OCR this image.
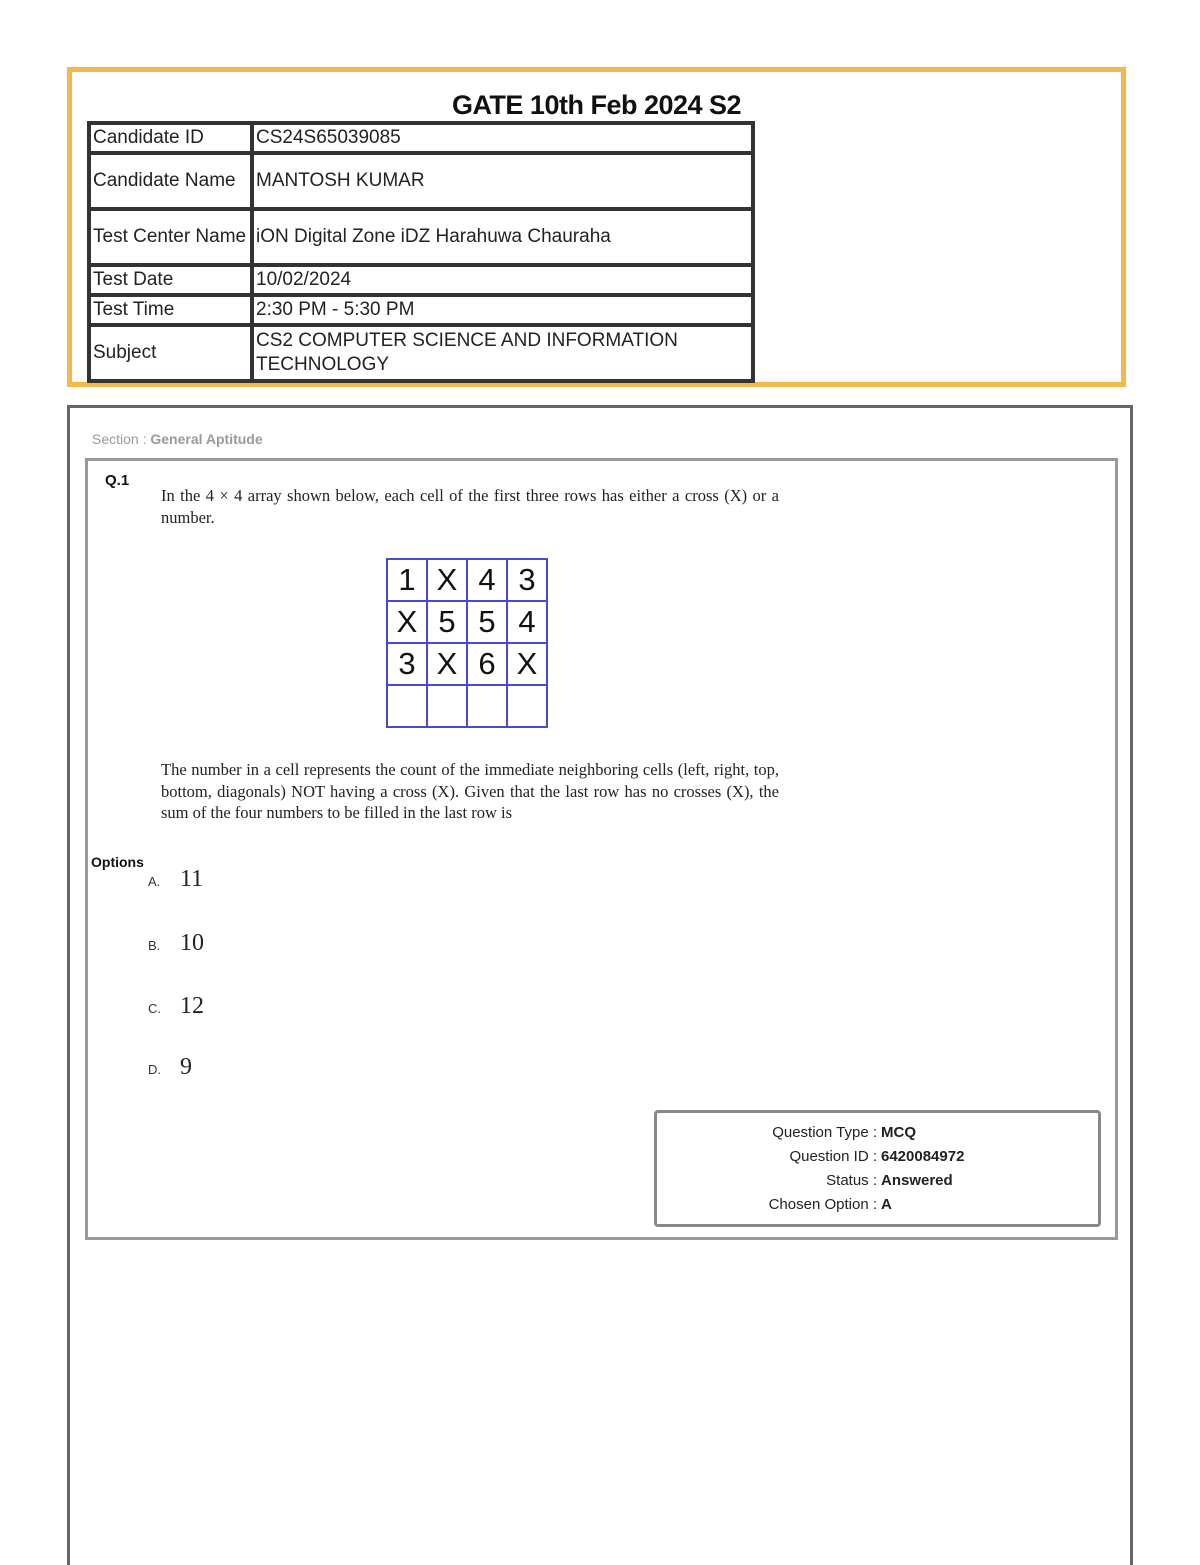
GATE 10th Feb 2024 S2
Candidate ID	CS24S65039085
Candidate Name	MANTOSH KUMAR
Test Center Name	iON Digital Zone iDZ Harahuwa Chauraha
Test Date	10/02/2024
Test Time	2:30 PM - 5:30 PM
Subject	CS2 COMPUTER SCIENCE AND INFORMATION TECHNOLOGY
Section : General Aptitude
Q.1

In the 4 × 4 array shown below, each cell of the first three rows has either a cross (X) or a number.

1	X	4	3
X	5	5	4
3	X	6	X

The number in a cell represents the count of the immediate neighboring cells (left, right, top, bottom, diagonals) NOT having a cross (X). Given that the last row has no crosses (X), the sum of the four numbers to be filled in the last row is

Options
A. 11
B. 10
C. 12
D. 9
Question Type : MCQ
Question ID : 6420084972
Status : Answered
Chosen Option : A
